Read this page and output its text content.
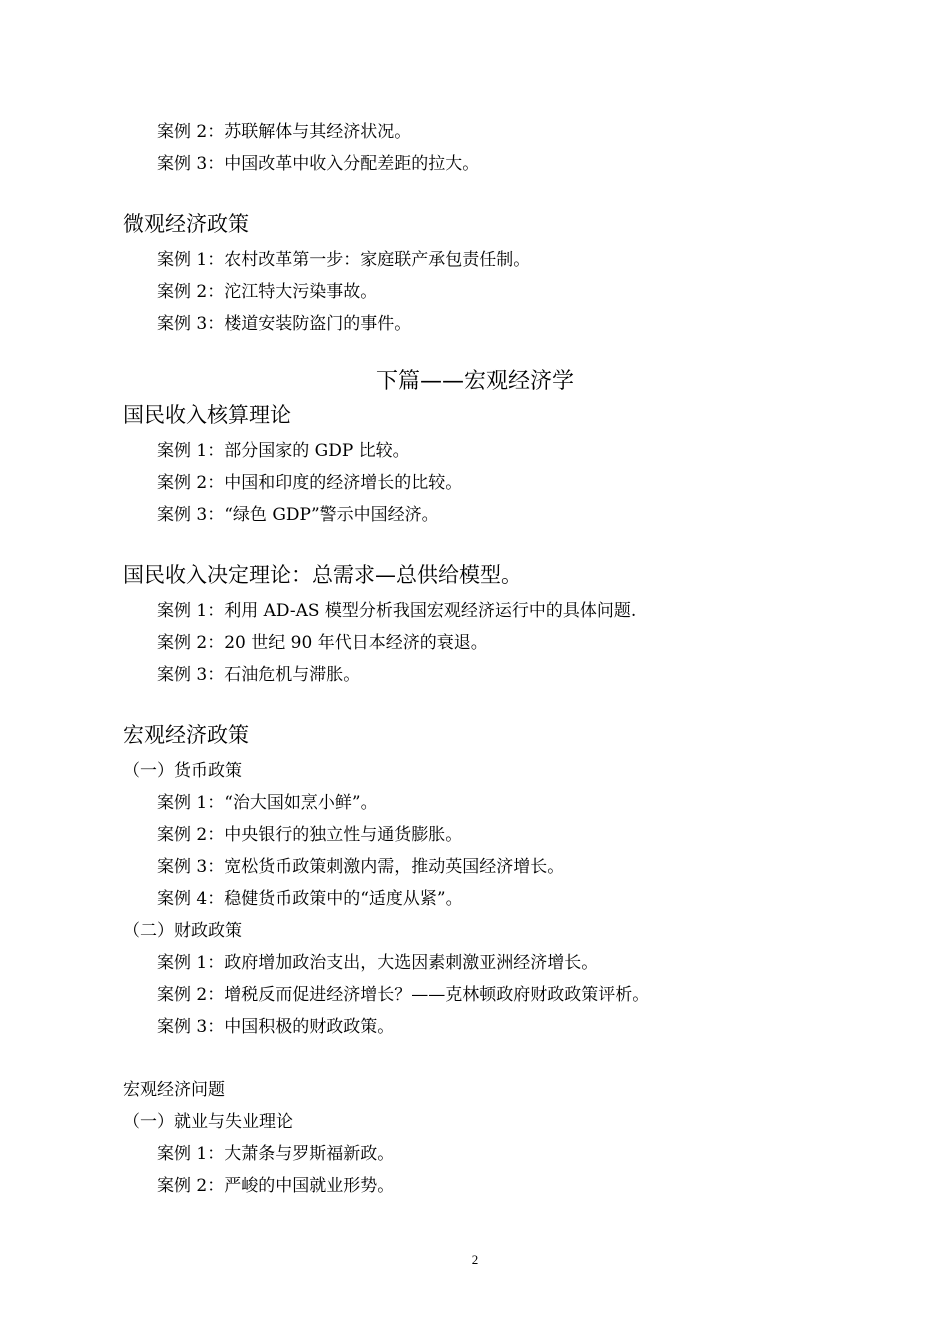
案例 2：苏联解体与其经济状况。
案例 3：中国改革中收入分配差距的拉大。
微观经济政策
案例 1：农村改革第一步：家庭联产承包责任制。
案例 2：沱江特大污染事故。
案例 3：楼道安装防盗门的事件。
下篇——宏观经济学
国民收入核算理论
案例 1：部分国家的 GDP 比较。
案例 2：中国和印度的经济增长的比较。
案例 3：“绿色 GDP”警示中国经济。
国民收入决定理论：总需求—总供给模型。
案例 1：利用 AD-AS 模型分析我国宏观经济运行中的具体问题.
案例 2：20 世纪 90 年代日本经济的衰退。
案例 3：石油危机与滞胀。
宏观经济政策
（一）货币政策
案例 1：“治大国如烹小鲜”。
案例 2：中央银行的独立性与通货膨胀。
案例 3：宽松货币政策刺激内需，推动英国经济增长。
案例 4：稳健货币政策中的“适度从紧”。
（二）财政政策
案例 1：政府增加政治支出，大选因素刺激亚洲经济增长。
案例 2：增税反而促进经济增长？——克林顿政府财政政策评析。
案例 3：中国积极的财政政策。
宏观经济问题
（一）就业与失业理论
案例 1：大萧条与罗斯福新政。
案例 2：严峻的中国就业形势。
2
